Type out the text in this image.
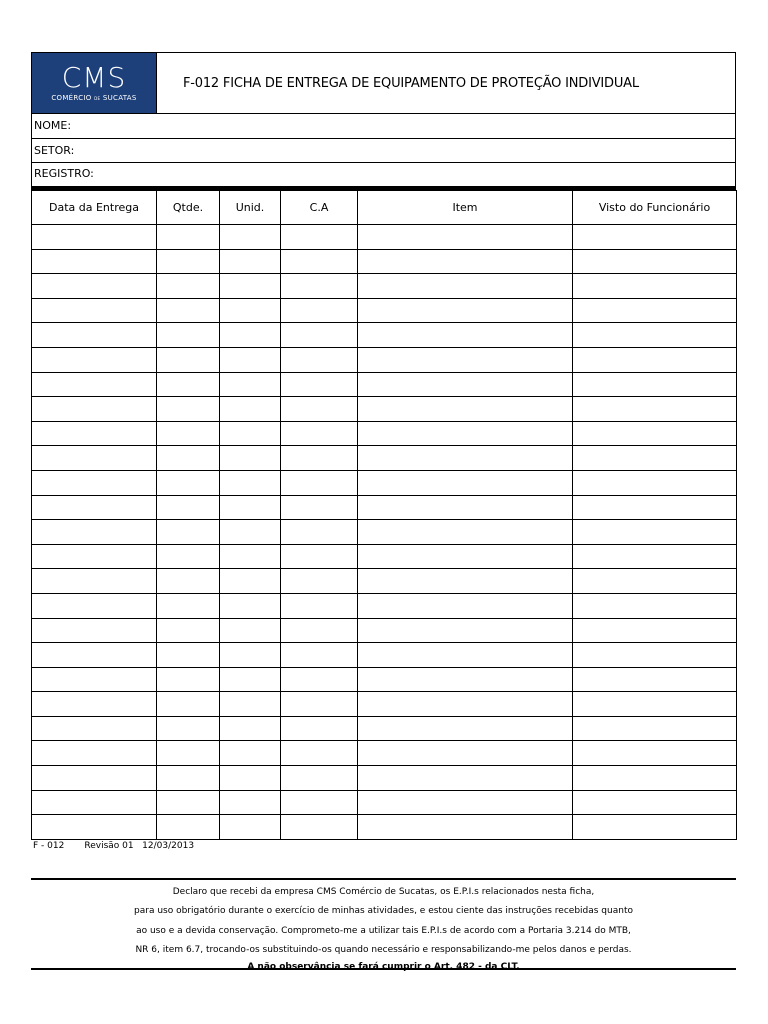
CMS
COMÉRCIO DE SUCATAS
F-012 FICHA DE ENTREGA DE EQUIPAMENTO DE PROTEÇÃO INDIVIDUAL
NOME:
SETOR:
REGISTRO:
Data da Entrega	Qtde.	Unid.	C.A	Item	Visto do Funcionário

F - 012       Revisão 01   12/03/2013
Declaro que recebi da empresa CMS Comércio de Sucatas, os E.P.I.s relacionados nesta ficha,
para uso obrigatório durante o exercício de minhas atividades, e estou ciente das instruções recebidas quanto
ao uso e a devida conservação. Comprometo-me a utilizar tais E.P.I.s de acordo com a Portaria 3.214 do MTB,
NR 6, item 6.7, trocando-os substituindo-os quando necessário e responsabilizando-me pelos danos e perdas.
A não observância se fará cumprir o Art. 482 - da CLT.
